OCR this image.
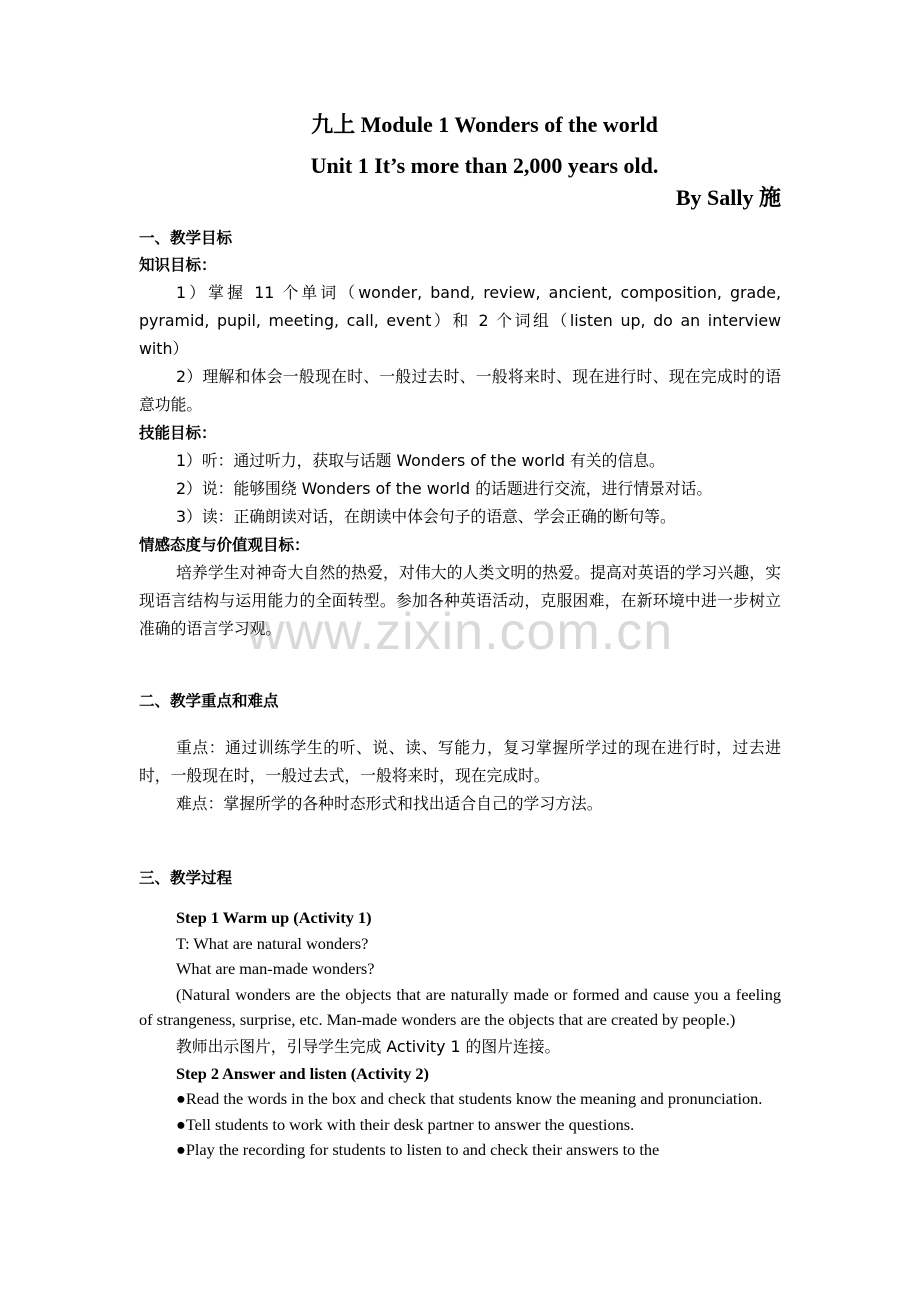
www.zixin.com.cn

九上 Module 1 Wonders of the world

Unit 1 It’s more than 2,000 years old.

By Sally 施

一、教学目标

知识目标：

1）掌握 11 个单词（wonder, band, review, ancient, composition, grade, pyramid, pupil, meeting, call, event）和 2 个词组（listen up, do an interview with）

2）理解和体会一般现在时、一般过去时、一般将来时、现在进行时、现在完成时的语意功能。

技能目标：

1）听：通过听力，获取与话题 Wonders of the world 有关的信息。

2）说：能够围绕 Wonders of the world 的话题进行交流，进行情景对话。

3）读：正确朗读对话，在朗读中体会句子的语意、学会正确的断句等。

情感态度与价值观目标：

培养学生对神奇大自然的热爱，对伟大的人类文明的热爱。提高对英语的学习兴趣，实现语言结构与运用能力的全面转型。参加各种英语活动，克服困难，在新环境中进一步树立准确的语言学习观。

二、教学重点和难点

重点：通过训练学生的听、说、读、写能力，复习掌握所学过的现在进行时，过去进时，一般现在时，一般过去式，一般将来时，现在完成时。

难点：掌握所学的各种时态形式和找出适合自己的学习方法。

三、教学过程

Step 1 Warm up (Activity 1)

T: What are natural wonders?

What are man-made wonders?

(Natural wonders are the objects that are naturally made or formed and cause you a feeling of strangeness, surprise, etc. Man-made wonders are the objects that are created by people.)

教师出示图片，引导学生完成 Activity 1 的图片连接。

Step 2 Answer and listen (Activity 2)

●Read the words in the box and check that students know the meaning and pronunciation.

●Tell students to work with their desk partner to answer the questions.

●Play the recording for students to listen to and check their answers to the
